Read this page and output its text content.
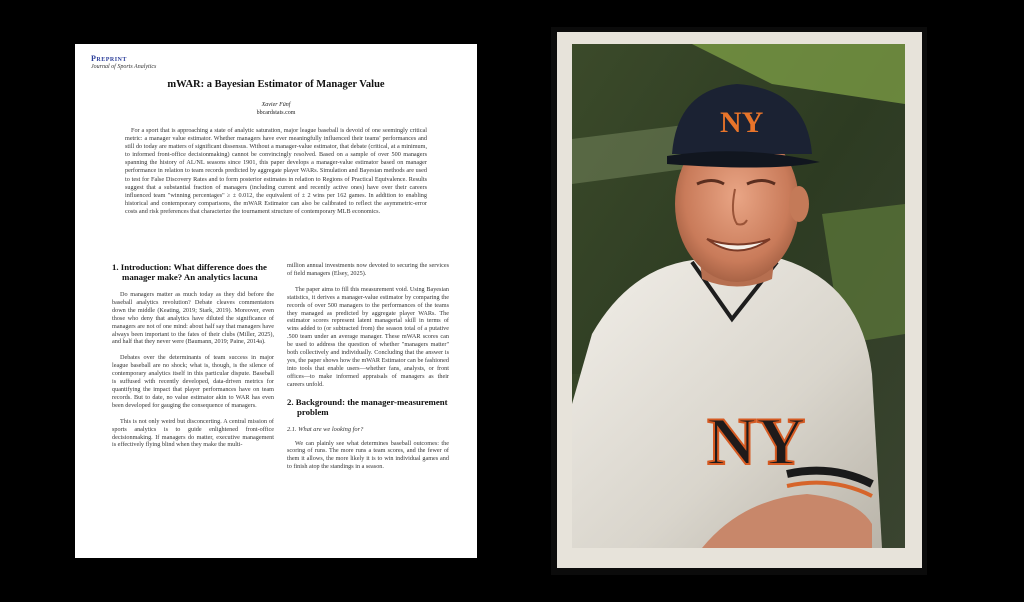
Preprint
Journal of Sports Analytics
mWAR: a Bayesian Estimator of Manager Value
Xavier Fünf
bbcardstats.com
For a sport that is approaching a state of analytic saturation, major league baseball is devoid of one seemingly critical metric: a manager value estimator. Whether managers have ever meaningfully influenced their teams' performances and still do today are matters of significant dissensus. Without a manager-value estimator, that debate (critical, at a minimum, to informed front-office decisionmaking) cannot be convincingly resolved. Based on a sample of over 500 managers spanning the history of AL/NL seasons since 1901, this paper develops a manager-value estimator based on manager performance in relation to team records predicted by aggregate player WARs. Simulation and Bayesian methods are used to test for False Discovery Rates and to form posterior estimates in relation to Regions of Practical Equivalence. Results suggest that a substantial fraction of managers (including current and recently active ones) have over their careers influenced team "winning percentages" ≥ ± 0.012, the equivalent of ± 2 wins per 162 games. In addition to enabling historical and contemporary comparisons, the mWAR Estimator can also be calibrated to reflect the asymmetric-error costs and risk preferences that characterize the tournament structure of contemporary MLB economics.
1. Introduction: What difference does the manager make? An analytics lacuna

Do managers matter as much today as they did before the baseball analytics revolution? Debate cleaves commentators down the middle (Keating, 2019; Stark, 2019). Moreover, even those who deny that analytics have diluted the significance of managers are not of one mind: about half say that managers have always been important to the fates of their clubs (Miller, 2025), and half that they never were (Baumann, 2019; Paine, 2014a).

Debates over the determinants of team success in major league baseball are no shock; what is, though, is the silence of contemporary analytics itself in this particular dispute. Baseball is suffused with recently developed, data-driven metrics for quantifying the impact that player performances have on team records. But to date, no value estimator akin to WAR has even been developed for gauging the consequence of managers.

This is not only weird but disconcerting. A central mission of sports analytics is to guide enlightened front-office decisionmaking. If managers do matter, executive management is effectively flying blind when they make the multi-

million annual investments now devoted to securing the services of field managers (Elsey, 2025).

The paper aims to fill this measurement void. Using Bayesian statistics, it derives a manager-value estimator by comparing the records of over 500 managers to the performances of the teams they managed as predicted by aggregate player WARs. The estimator scores represent latent managerial skill in terms of wins added to (or subtracted from) the season total of a putative .500 team under an average manager. These mWAR scores can be used to address the question of whether "managers matter" both collectively and individually. Concluding that the answer is yes, the paper shows how the mWAR Estimator can be fashioned into tools that enable users—whether fans, analysts, or front offices—to make informed appraisals of managers as their careers unfold.

2. Background: the manager-measurement problem
2.1. What are we looking for?

We can plainly see what determines baseball outcomes: the scoring of runs. The more runs a team scores, and the fewer of them it allows, the more likely it is to win individual games and to finish atop the standings in a season.	NY
NY
